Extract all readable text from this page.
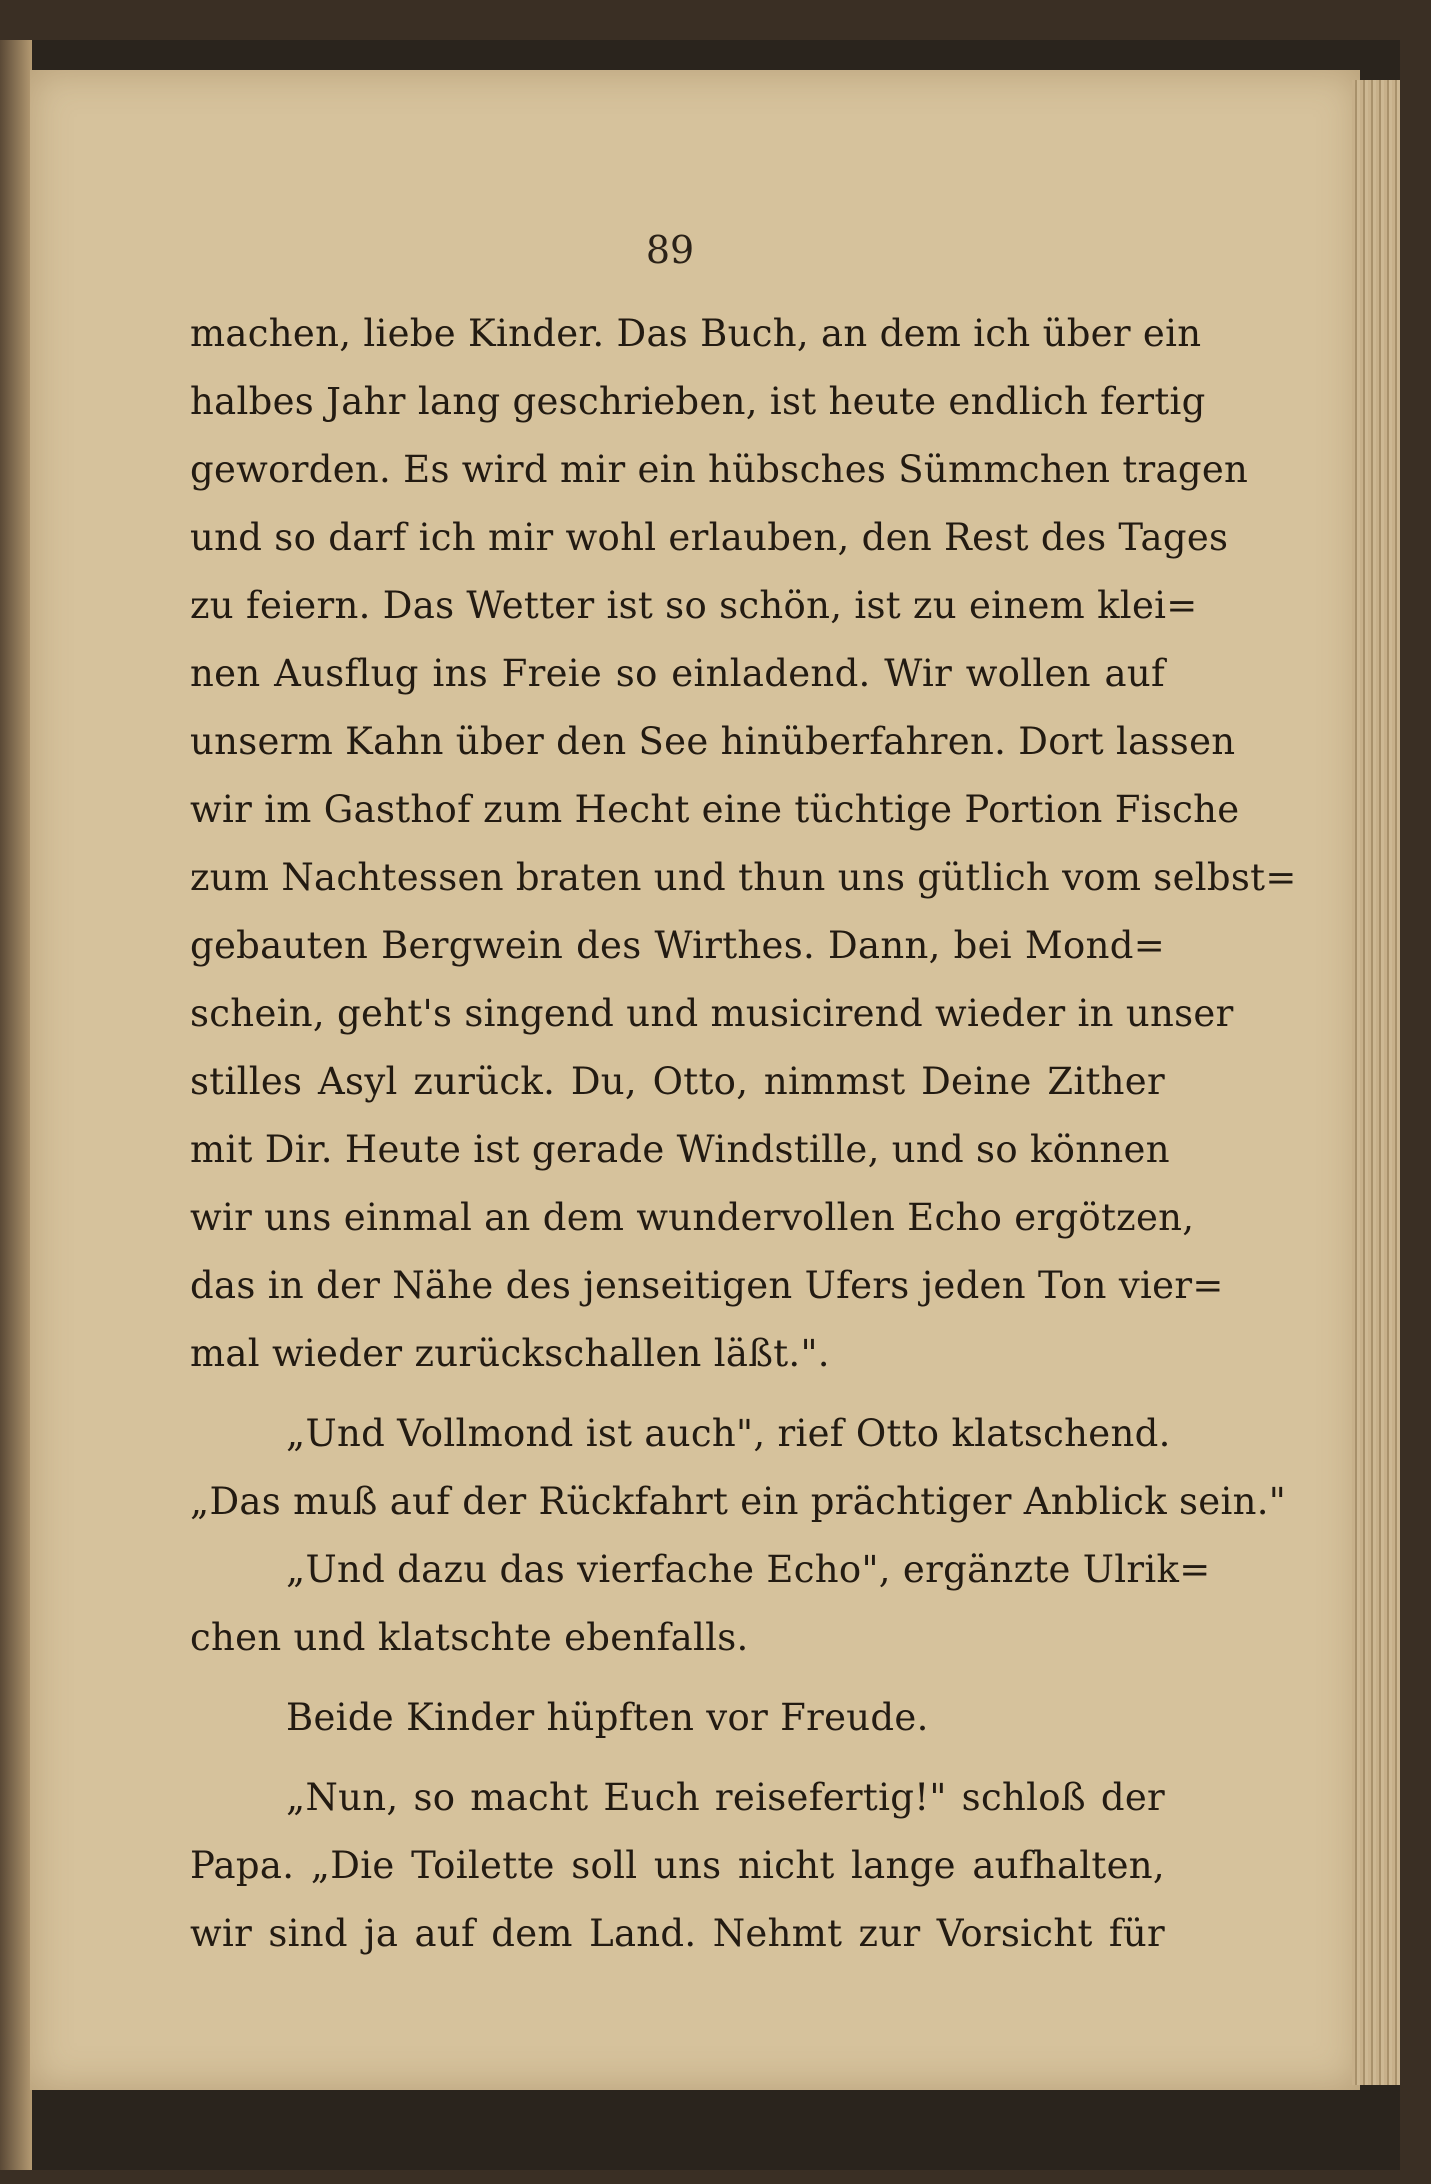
89
machen, liebe Kinder. Das Buch, an dem ich über ein
halbes Jahr lang geschrieben, ist heute endlich fertig
geworden. Es wird mir ein hübsches Sümmchen tragen
und so darf ich mir wohl erlauben, den Rest des Tages
zu feiern. Das Wetter ist so schön, ist zu einem klei=
nen Ausflug ins Freie so einladend. Wir wollen auf
unserm Kahn über den See hinüberfahren. Dort lassen
wir im Gasthof zum Hecht eine tüchtige Portion Fische
zum Nachtessen braten und thun uns gütlich vom selbst=
gebauten Bergwein des Wirthes. Dann, bei Mond=
schein, geht's singend und musicirend wieder in unser
stilles Asyl zurück. Du, Otto, nimmst Deine Zither
mit Dir. Heute ist gerade Windstille, und so können
wir uns einmal an dem wundervollen Echo ergötzen,
das in der Nähe des jenseitigen Ufers jeden Ton vier=
mal wieder zurückschallen läßt.".
„Und Vollmond ist auch", rief Otto klatschend.
„Das muß auf der Rückfahrt ein prächtiger Anblick sein."
„Und dazu das vierfache Echo", ergänzte Ulrik=
chen und klatschte ebenfalls.
Beide Kinder hüpften vor Freude.
„Nun, so macht Euch reisefertig!" schloß der
Papa. „Die Toilette soll uns nicht lange aufhalten,
wir sind ja auf dem Land. Nehmt zur Vorsicht für
